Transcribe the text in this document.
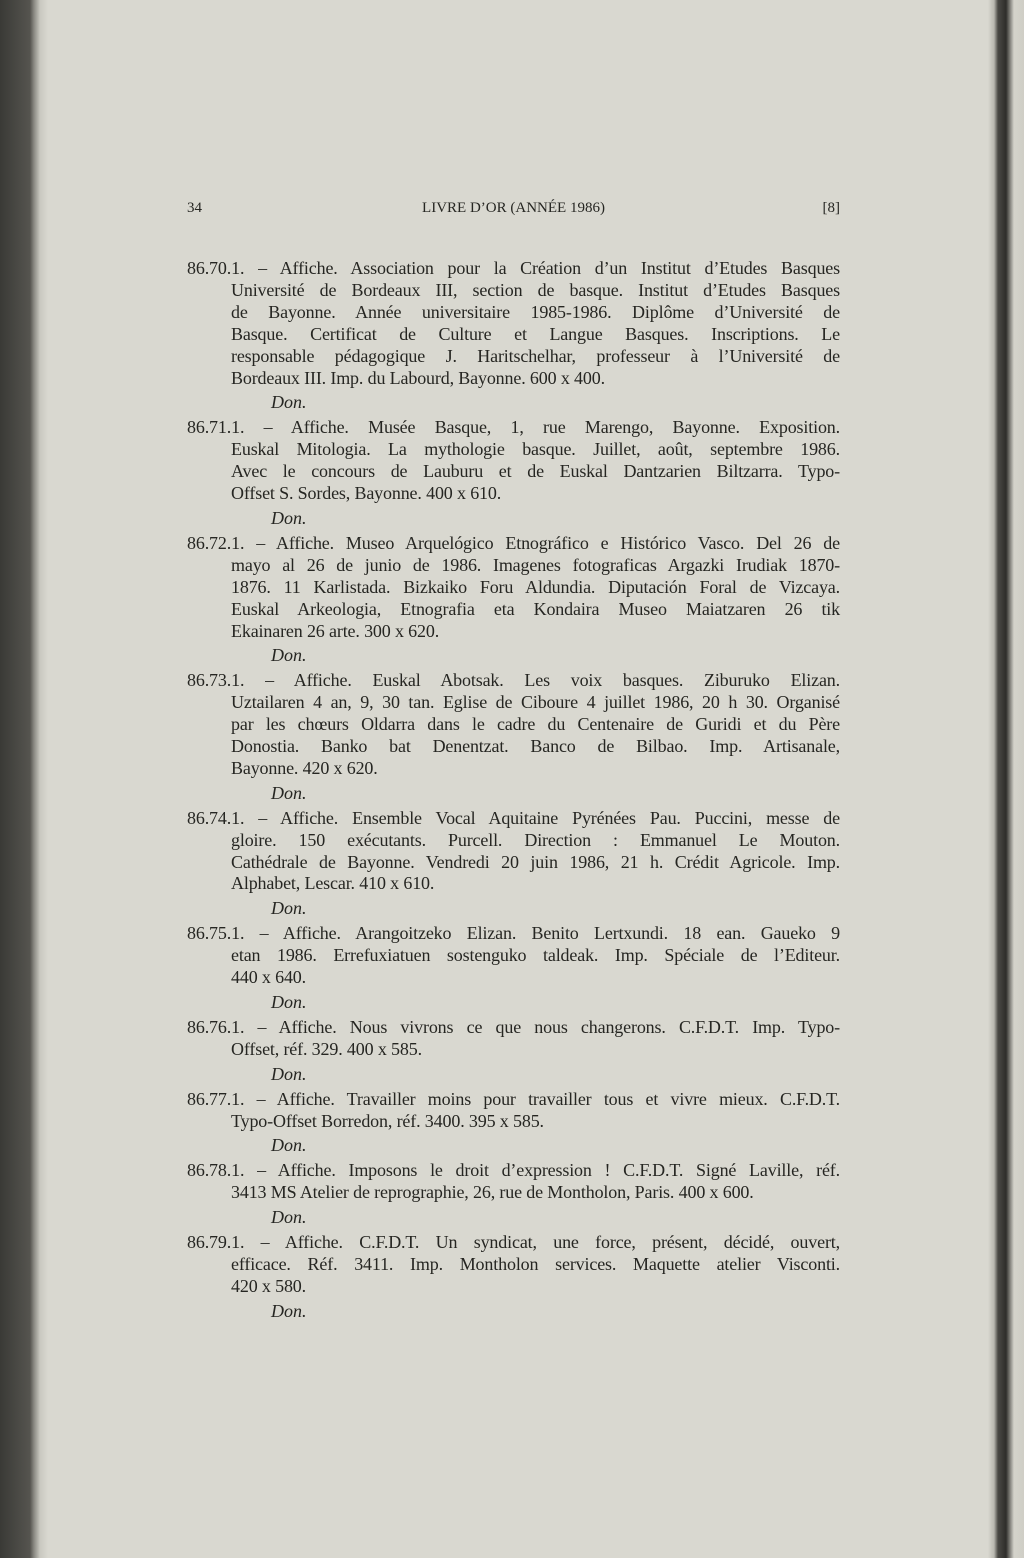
34	LIVRE D’OR (ANNÉE 1986)	[8]
86.70.1. – Affiche. Association pour la Création d’un Institut d’Etudes Basques
Université de Bordeaux III, section de basque. Institut d’Etudes Basques
de Bayonne. Année universitaire 1985-1986. Diplôme d’Université de
Basque. Certificat de Culture et Langue Basques. Inscriptions. Le
responsable pédagogique J. Haritschelhar, professeur à l’Université de
Bordeaux III. Imp. du Labourd, Bayonne. 600 x 400.
Don.
86.71.1. – Affiche. Musée Basque, 1, rue Marengo, Bayonne. Exposition.
Euskal Mitologia. La mythologie basque. Juillet, août, septembre 1986.
Avec le concours de Lauburu et de Euskal Dantzarien Biltzarra. Typo-
Offset S. Sordes, Bayonne. 400 x 610.
Don.
86.72.1. – Affiche. Museo Arquelógico Etnográfico e Histórico Vasco. Del 26 de
mayo al 26 de junio de 1986. Imagenes fotograficas Argazki Irudiak 1870-
1876. 11 Karlistada. Bizkaiko Foru Aldundia. Diputación Foral de Vizcaya.
Euskal Arkeologia, Etnografia eta Kondaira Museo Maiatzaren 26 tik
Ekainaren 26 arte. 300 x 620.
Don.
86.73.1. – Affiche. Euskal Abotsak. Les voix basques. Ziburuko Elizan.
Uztailaren 4 an, 9, 30 tan. Eglise de Ciboure 4 juillet 1986, 20 h 30. Organisé
par les chœurs Oldarra dans le cadre du Centenaire de Guridi et du Père
Donostia. Banko bat Denentzat. Banco de Bilbao. Imp. Artisanale,
Bayonne. 420 x 620.
Don.
86.74.1. – Affiche. Ensemble Vocal Aquitaine Pyrénées Pau. Puccini, messe de
gloire. 150 exécutants. Purcell. Direction : Emmanuel Le Mouton.
Cathédrale de Bayonne. Vendredi 20 juin 1986, 21 h. Crédit Agricole. Imp.
Alphabet, Lescar. 410 x 610.
Don.
86.75.1. – Affiche. Arangoitzeko Elizan. Benito Lertxundi. 18 ean. Gaueko 9
etan 1986. Errefuxiatuen sostenguko taldeak. Imp. Spéciale de l’Editeur.
440 x 640.
Don.
86.76.1. – Affiche. Nous vivrons ce que nous changerons. C.F.D.T. Imp. Typo-
Offset, réf. 329. 400 x 585.
Don.
86.77.1. – Affiche. Travailler moins pour travailler tous et vivre mieux. C.F.D.T.
Typo-Offset Borredon, réf. 3400. 395 x 585.
Don.
86.78.1. – Affiche. Imposons le droit d’expression ! C.F.D.T. Signé Laville, réf.
3413 MS Atelier de reprographie, 26, rue de Montholon, Paris. 400 x 600.
Don.
86.79.1. – Affiche. C.F.D.T. Un syndicat, une force, présent, décidé, ouvert,
efficace. Réf. 3411. Imp. Montholon services. Maquette atelier Visconti.
420 x 580.
Don.
